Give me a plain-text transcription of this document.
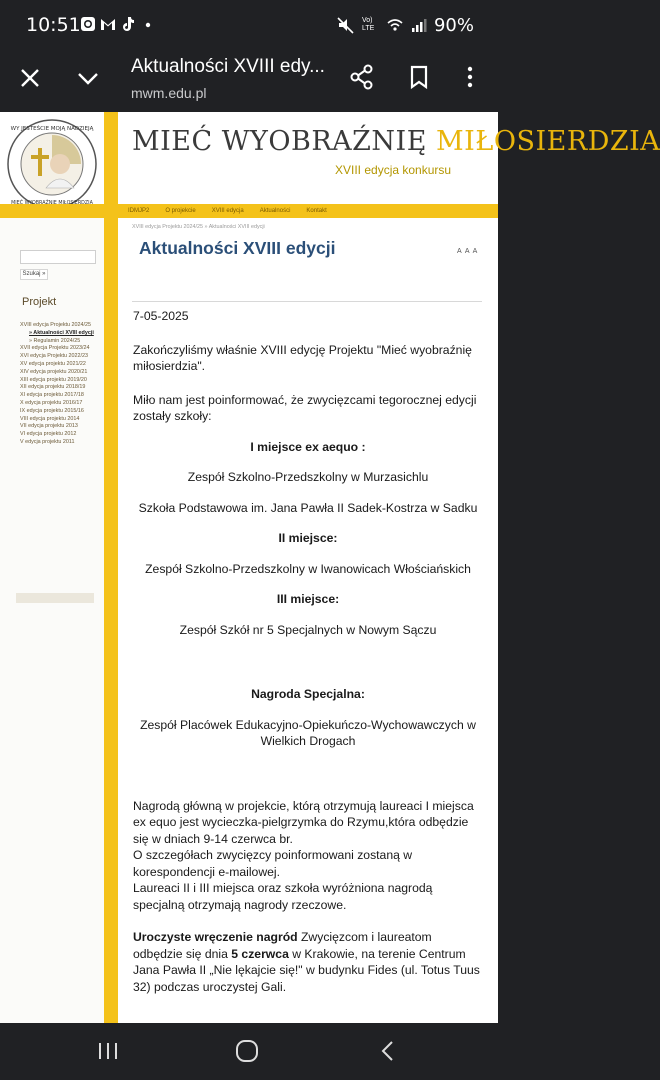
10:51	Vo) LTE	90%
Aktualności XVIII edy...
mwm.edu.pl
WY JESTEŚCIE MOJĄ NADZIEJĄ MIEĆ WYOBRAŹNIĘ MIŁOSIERDZIA
XVIII edycja konkursu
IDMJP2	O projekcie	XVIII edycja	Aktualności	Kontakt
Szukaj »
Projekt
XVIII edycja Projektu 2024/25
» Aktualności XVIII edycji
» Regulamin 2024/25
XVII edycja Projektu 2023/24
XVI edycja Projektu 2022/23
XV edycja projektu 2021/22
XIV edycja projektu 2020/21
XIII edycja projektu 2019/20
XII edycja projektu 2018/19
XI edycja projektu 2017/18
X edycja projektu 2016/17
IX edycja projektu 2015/16
VIII edycja projektu 2014
VII edycja projektu 2013
VI edycja projektu 2012
V edycja projektu 2011
XVIII edycja Projektu 2024/25 » Aktualności XVIII edycji
Aktualności XVIII edycji	A A A

7-05-2025

Zakończyliśmy właśnie XVIII edycję Projektu "Mieć wyobraźnię miłosierdzia".

Miło nam jest poinformować, że zwycięzcami tegorocznej edycji zostały szkoły:

I miejsce ex aequo :

Zespół Szkolno-Przedszkolny w Murzasichlu

Szkoła Podstawowa im. Jana Pawła II Sadek-Kostrza w Sadku

II miejsce:

Zespół Szkolno-Przedszkolny w Iwanowicach Włościańskich

III miejsce:

Zespół Szkół nr 5 Specjalnych w Nowym Sączu

Nagroda Specjalna:

Zespół Placówek Edukacyjno-Opiekuńczo-Wychowawczych w Wielkich Drogach

Nagrodą główną w projekcie, którą otrzymują laureaci I miejsca ex equo jest wycieczka-pielgrzymka do Rzymu,która odbędzie się w dniach 9-14 czerwca br.

O szczegółach zwycięzcy poinformowani zostaną w korespondencji e-mailowej.

Laureaci II i III miejsca oraz szkoła wyróżniona nagrodą specjalną otrzymają nagrody rzeczowe.

Uroczyste wręczenie nagród Zwycięzcom i laureatom odbędzie się dnia 5 czerwca w Krakowie, na terenie Centrum Jana Pawła II „Nie lękajcie się!" w budynku Fides (ul. Totus Tuus 32) podczas uroczystej Gali.
